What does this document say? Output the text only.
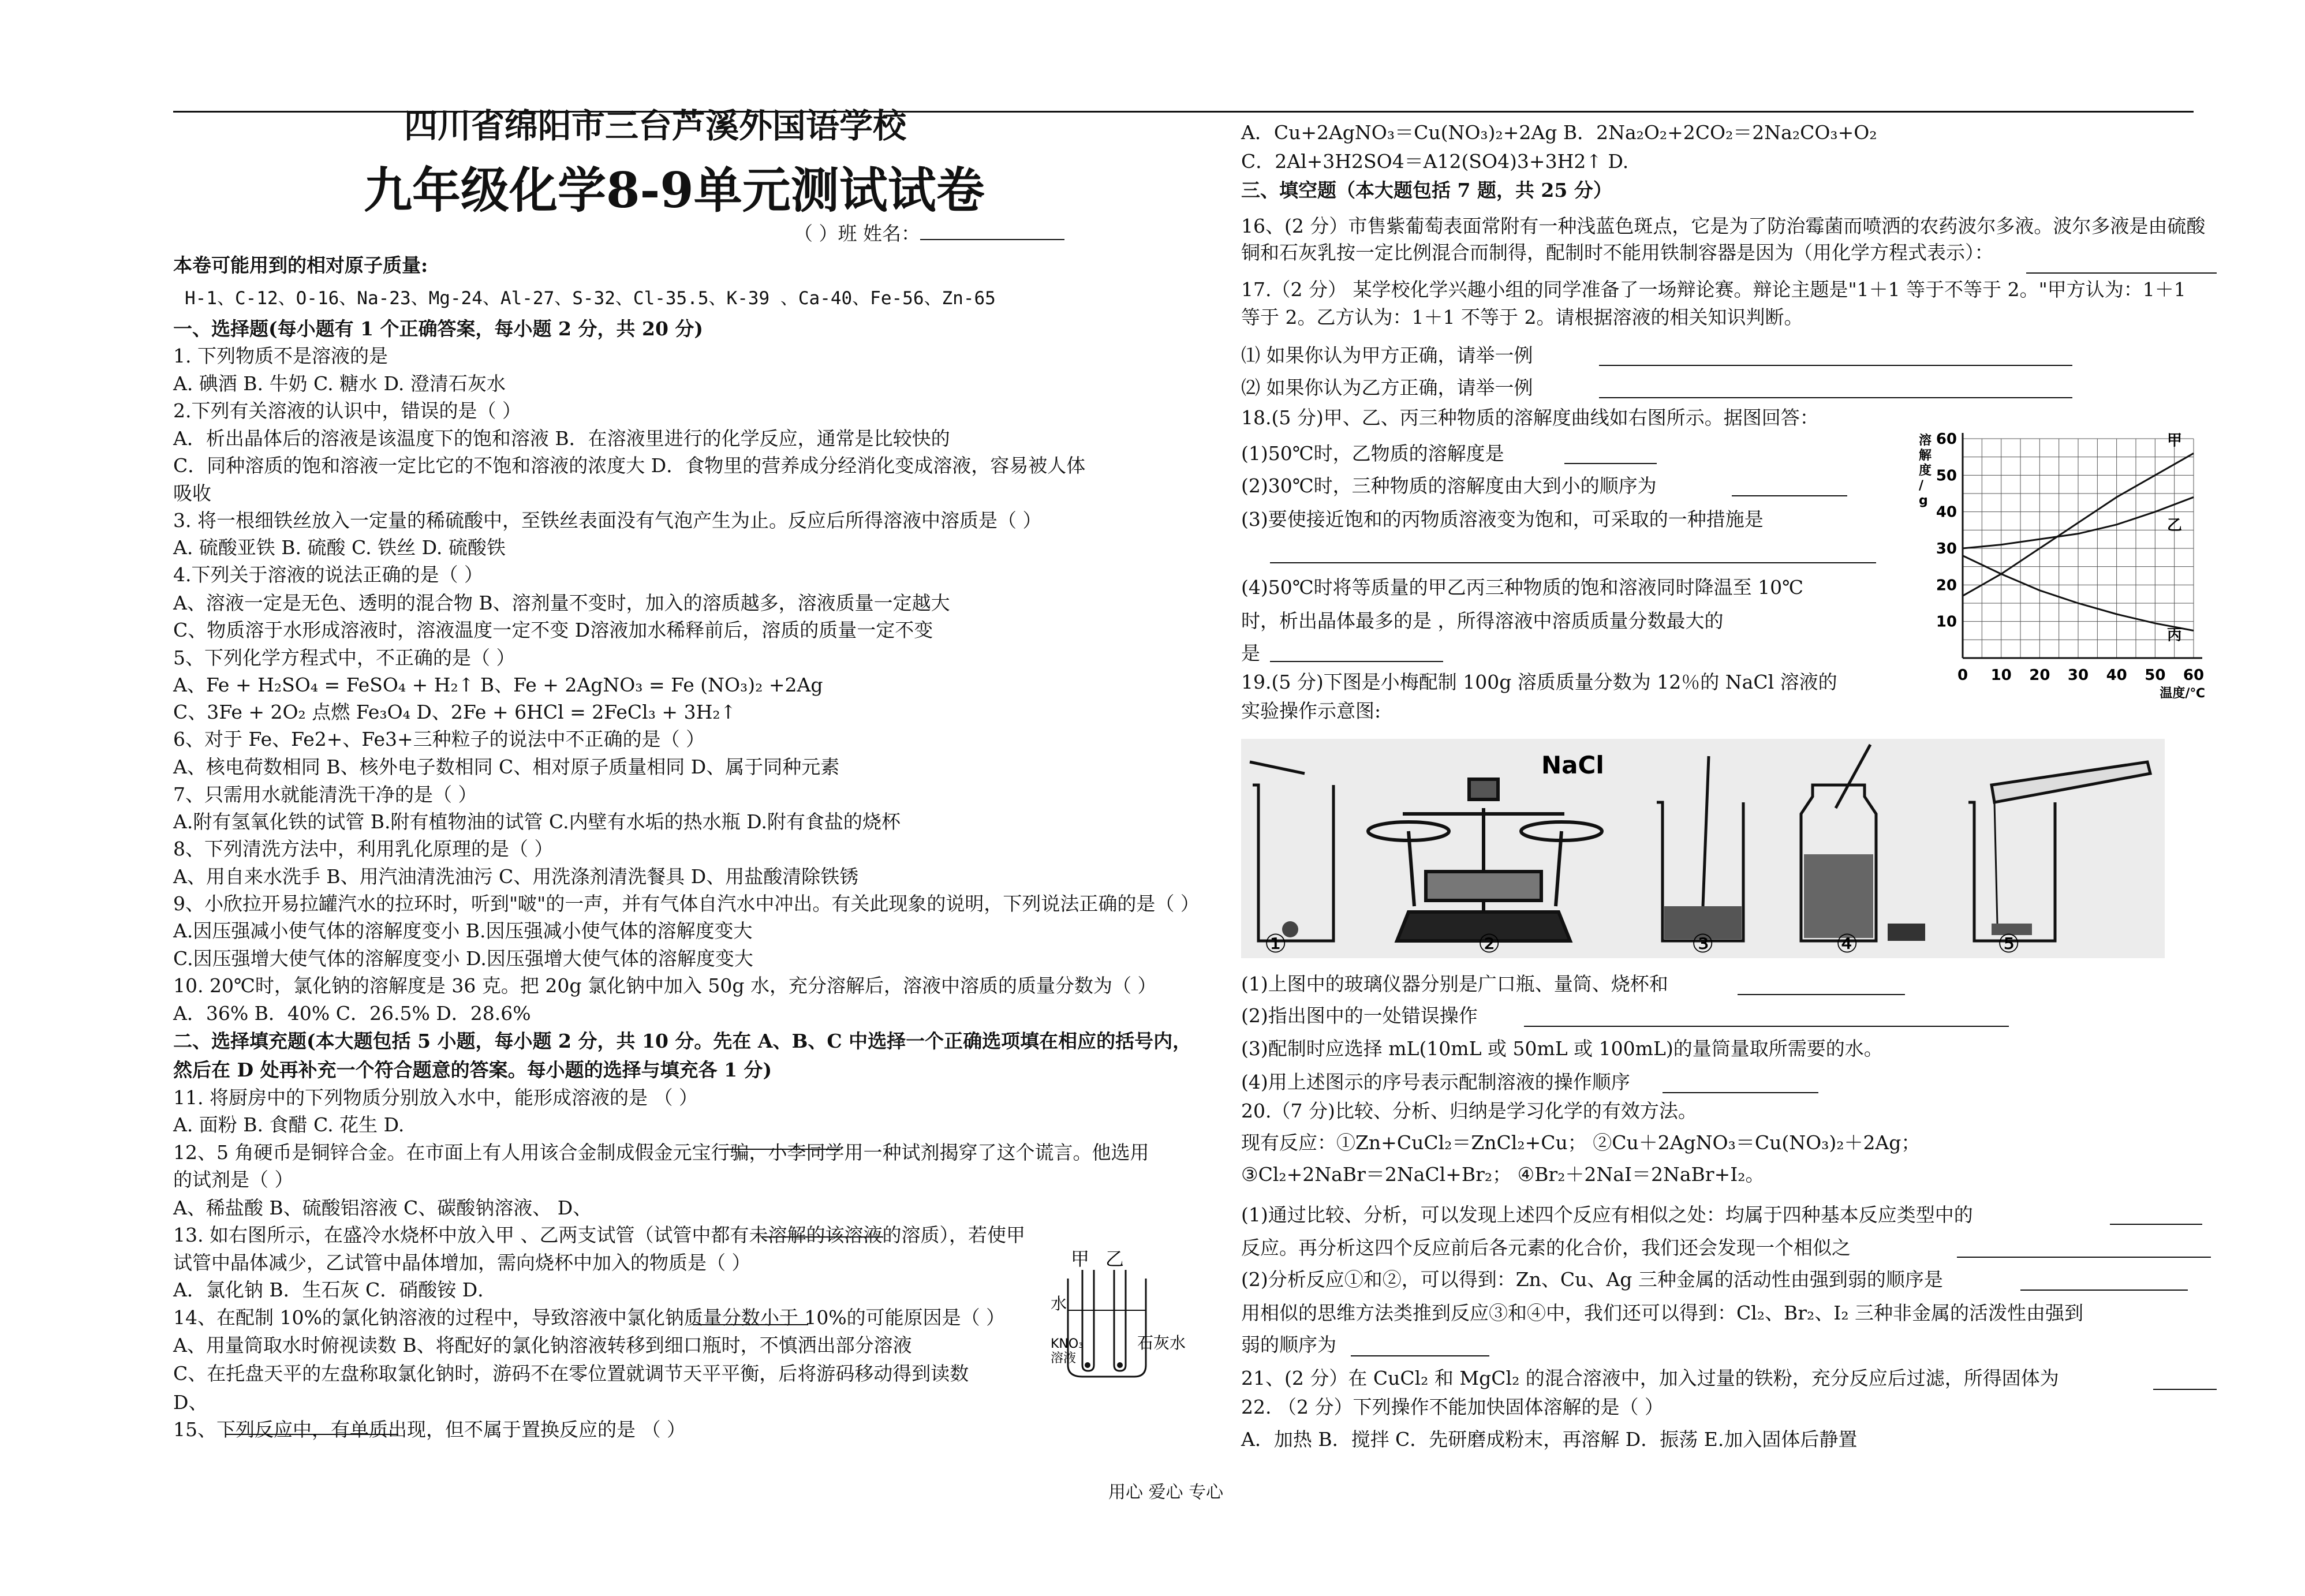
四川省绵阳市三台芦溪外国语学校
九年级化学8-9单元测试试卷
（ ）班 姓名：
本卷可能用到的相对原子质量:
H-1、C-12、O-16、Na-23、Mg-24、Al-27、S-32、Cl-35.5、K-39 、Ca-40、Fe-56、Zn-65
一、选择题(每小题有 1 个正确答案，每小题 2 分，共 20 分)
1. 下列物质不是溶液的是
A. 碘酒 B. 牛奶 C. 糖水 D. 澄清石灰水
2.下列有关溶液的认识中，错误的是（ ）
A．析出晶体后的溶液是该温度下的饱和溶液 B．在溶液里进行的化学反应，通常是比较快的
C．同种溶质的饱和溶液一定比它的不饱和溶液的浓度大 D．食物里的营养成分经消化变成溶液，容易被人体
吸收
3. 将一根细铁丝放入一定量的稀硫酸中，至铁丝表面没有气泡产生为止。反应后所得溶液中溶质是（ ）
A. 硫酸亚铁 B. 硫酸 C. 铁丝 D. 硫酸铁
4.下列关于溶液的说法正确的是（ ）
A、溶液一定是无色、透明的混合物 B、溶剂量不变时，加入的溶质越多，溶液质量一定越大
C、物质溶于水形成溶液时，溶液温度一定不变 D溶液加水稀释前后，溶质的质量一定不变
5、下列化学方程式中，不正确的是（ ）
A、Fe + H₂SO₄ = FeSO₄ + H₂↑ B、Fe + 2AgNO₃ = Fe (NO₃)₂ +2Ag
C、3Fe + 2O₂ 点燃 Fe₃O₄ D、2Fe + 6HCl = 2FeCl₃ + 3H₂↑
6、对于 Fe、Fe2+、Fe3+三种粒子的说法中不正确的是（ ）
A、核电荷数相同 B、核外电子数相同 C、相对原子质量相同 D、属于同种元素
7、只需用水就能清洗干净的是（ ）
A.附有氢氧化铁的试管 B.附有植物油的试管 C.内壁有水垢的热水瓶 D.附有食盐的烧杯
8、下列清洗方法中，利用乳化原理的是（ ）
A、用自来水洗手 B、用汽油清洗油污 C、用洗涤剂清洗餐具 D、用盐酸清除铁锈
9、小欣拉开易拉罐汽水的拉环时，听到"啵"的一声，并有气体自汽水中冲出。有关此现象的说明，下列说法正确的是（ ）
A.因压强减小使气体的溶解度变小 B.因压强减小使气体的溶解度变大
C.因压强增大使气体的溶解度变小 D.因压强增大使气体的溶解度变大
10. 20℃时，氯化钠的溶解度是 36 克。把 20g 氯化钠中加入 50g 水，充分溶解后，溶液中溶质的质量分数为（ ）
A．36% B．40% C．26.5% D．28.6%
二、选择填充题(本大题包括 5 小题，每小题 2 分，共 10 分。先在 A、B、C 中选择一个正确选项填在相应的括号内，
然后在 D 处再补充一个符合题意的答案。每小题的选择与填充各 1 分)
11. 将厨房中的下列物质分别放入水中，能形成溶液的是 （ ）
A. 面粉 B. 食醋 C. 花生 D.
12、5 角硬币是铜锌合金。在市面上有人用该合金制成假金元宝行骗，小李同学用一种试剂揭穿了这个谎言。他选用
的试剂是（ ）
A、稀盐酸 B、硫酸铝溶液 C、碳酸钠溶液、 D、
13. 如右图所示，在盛冷水烧杯中放入甲 、乙两支试管（试管中都有未溶解的该溶液的溶质），若使甲
试管中晶体减少，乙试管中晶体增加，需向烧杯中加入的物质是（ ）
A．氯化钠 B．生石灰 C．硝酸铵 D．
14、在配制 10%的氯化钠溶液的过程中，导致溶液中氯化钠质量分数小于 10%的可能原因是（ ）
A、用量筒取水时俯视读数 B、将配好的氯化钠溶液转移到细口瓶时，不慎洒出部分溶液
C、在托盘天平的左盘称取氯化钠时，游码不在零位置就调节天平平衡，后将游码移动得到读数
D、
15、下列反应中，有单质出现，但不属于置换反应的是 （ ）
甲 乙
水
KNO₃
溶液
石灰水
A．Cu+2AgNO₃＝Cu(NO₃)₂+2Ag B．2Na₂O₂+2CO₂＝2Na₂CO₃+O₂
C．2Al+3H2SO4＝A12(SO4)3+3H2↑ D.
三、填空题（本大题包括 7 题，共 25 分）
16、(2 分）市售紫葡萄表面常附有一种浅蓝色斑点，它是为了防治霉菌而喷洒的农药波尔多液。波尔多液是由硫酸
铜和石灰乳按一定比例混合而制得，配制时不能用铁制容器是因为（用化学方程式表示）：
17.（2 分） 某学校化学兴趣小组的同学准备了一场辩论赛。辩论主题是"1＋1 等于不等于 2。"甲方认为：1＋1
等于 2。乙方认为：1＋1 不等于 2。请根据溶液的相关知识判断。
⑴ 如果你认为甲方正确，请举一例
⑵ 如果你认为乙方正确，请举一例
18.(5 分)甲、乙、丙三种物质的溶解度曲线如右图所示。据图回答：
(1)50℃时，乙物质的溶解度是
(2)30℃时，三种物质的溶解度由大到小的顺序为
(3)要使接近饱和的丙物质溶液变为饱和，可采取的一种措施是
(4)50℃时将等质量的甲乙丙三种物质的饱和溶液同时降温至 10℃
时，析出晶体最多的是 ，所得溶液中溶质质量分数最大的
是
19.(5 分)下图是小梅配制 100g 溶质质量分数为 12％的 NaCl 溶液的
实验操作示意图:
(1)上图中的玻璃仪器分别是广口瓶、量筒、烧杯和
(2)指出图中的一处错误操作
(3)配制时应选择 mL(10mL 或 50mL 或 100mL)的量筒量取所需要的水。
(4)用上述图示的序号表示配制溶液的操作顺序
20.（7 分)比较、分析、归纳是学习化学的有效方法。
现有反应：①Zn+CuCl₂＝ZnCl₂+Cu； ②Cu＋2AgNO₃＝Cu(NO₃)₂＋2Ag；
③Cl₂+2NaBr＝2NaCl+Br₂； ④Br₂＋2NaI＝2NaBr+I₂。
(1)通过比较、分析，可以发现上述四个反应有相似之处：均属于四种基本反应类型中的
反应。再分析这四个反应前后各元素的化合价，我们还会发现一个相似之
(2)分析反应①和②，可以得到：Zn、Cu、Ag 三种金属的活动性由强到弱的顺序是
用相似的思维方法类推到反应③和④中，我们还可以得到：Cl₂、Br₂、I₂ 三种非金属的活泼性由强到
弱的顺序为
21、(2 分）在 CuCl₂ 和 MgCl₂ 的混合溶液中，加入过量的铁粉，充分反应后过滤，所得固体为
22. （2 分）下列操作不能加快固体溶解的是（ ）
A．加热 B．搅拌 C．先研磨成粉末，再溶解 D．振荡 E.加入固体后静置
0 10 20 30 40 50 60
10
20
30
40
50
60
溶解度/ g
温度/℃
甲
乙
丙
NaCl
①	②	③	④	⑤
用心 爱心 专心
